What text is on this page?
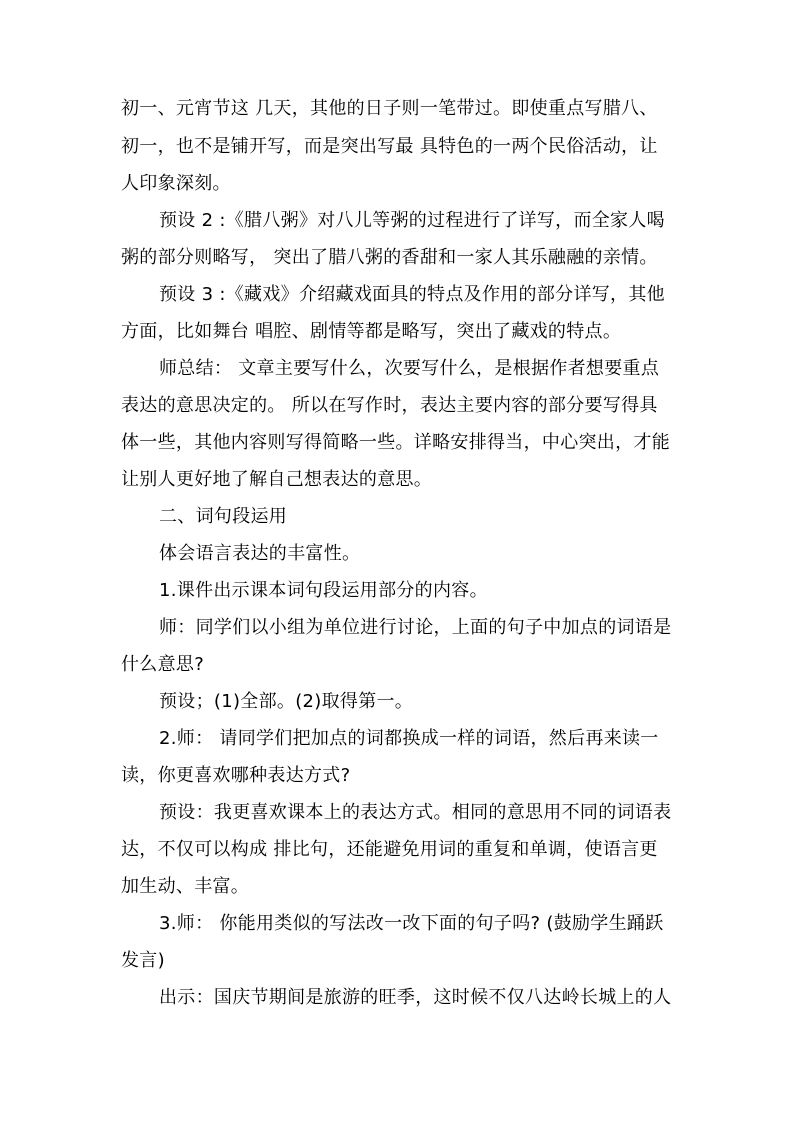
初一、元宵节这 几天，其他的日子则一笔带过。即使重点写腊八、
初一，也不是铺开写，而是突出写最 具特色的一两个民俗活动，让
人印象深刻。
预设 2 :《腊八粥》对八儿等粥的过程进行了详写，而全家人喝
粥的部分则略写， 突出了腊八粥的香甜和一家人其乐融融的亲情。
预设 3 :《藏戏》介绍藏戏面具的特点及作用的部分详写，其他
方面，比如舞台 唱腔、剧情等都是略写，突出了藏戏的特点。
师总结： 文章主要写什么，次要写什么，是根据作者想要重点
表达的意思决定的。 所以在写作时，表达主要内容的部分要写得具
体一些，其他内容则写得简略一些。详略安排得当，中心突出，才能
让别人更好地了解自己想表达的意思。
二、词句段运用
体会语言表达的丰富性。
1.课件出示课本词句段运用部分的内容。
师：同学们以小组为单位进行讨论，上面的句子中加点的词语是
什么意思?
预设；(1)全部。(2)取得第一。
2.师： 请同学们把加点的词都换成一样的词语，然后再来读一
读，你更喜欢哪种表达方式?
预设：我更喜欢课本上的表达方式。相同的意思用不同的词语表
达，不仅可以构成 排比句，还能避免用词的重复和单调，使语言更
加生动、丰富。
3.师： 你能用类似的写法改一改下面的句子吗? (鼓励学生踊跃
发言)
出示：国庆节期间是旅游的旺季，这时候不仅八达岭长城上的人
